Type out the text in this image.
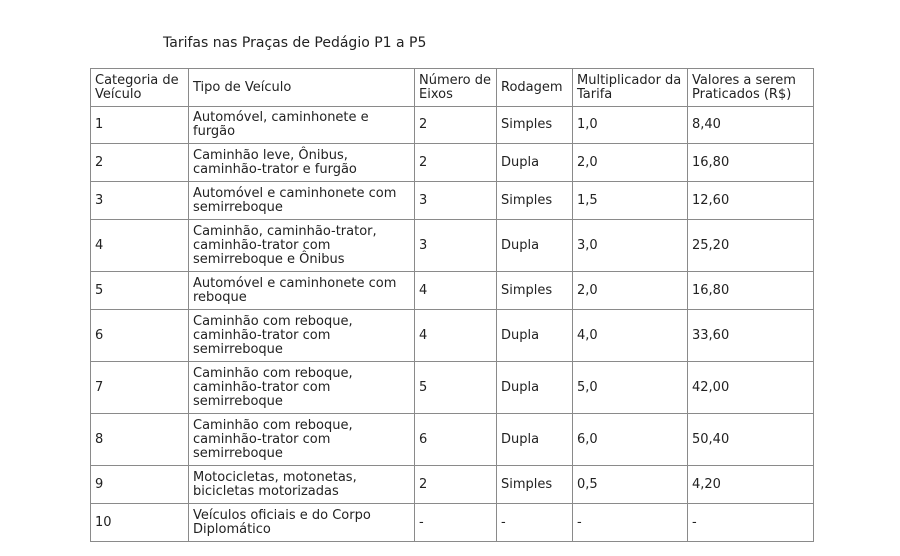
Tarifas nas Praças de Pedágio P1 a P5

Categoria de Veículo	Tipo de Veículo	Número de Eixos	Rodagem	Multiplicador da Tarifa	Valores a serem Praticados (R$)
1	Automóvel, caminhonete e furgão	2	Simples	1,0	8,40
2	Caminhão leve, Ônibus, caminhão-trator e furgão	2	Dupla	2,0	16,80
3	Automóvel e caminhonete com semirreboque	3	Simples	1,5	12,60
4	Caminhão, caminhão-trator, caminhão-trator com semirreboque e Ônibus	3	Dupla	3,0	25,20
5	Automóvel e caminhonete com reboque	4	Simples	2,0	16,80
6	Caminhão com reboque, caminhão-trator com semirreboque	4	Dupla	4,0	33,60
7	Caminhão com reboque, caminhão-trator com semirreboque	5	Dupla	5,0	42,00
8	Caminhão com reboque, caminhão-trator com semirreboque	6	Dupla	6,0	50,40
9	Motocicletas, motonetas, bicicletas motorizadas	2	Simples	0,5	4,20
10	Veículos oficiais e do Corpo Diplomático	-	-	-	-
